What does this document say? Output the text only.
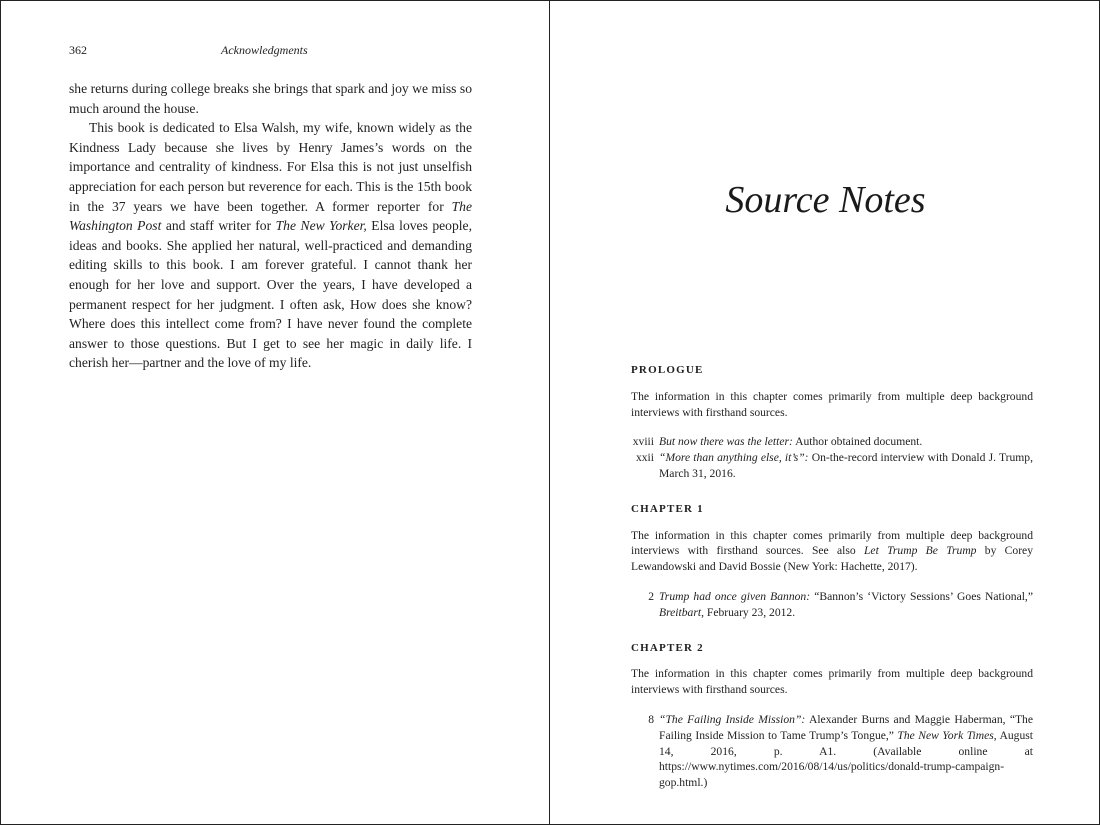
362	Acknowledgments

she returns during college breaks she brings that spark and joy we miss so much around the house.

This book is dedicated to Elsa Walsh, my wife, known widely as the Kindness Lady because she lives by Henry James’s words on the importance and centrality of kindness. For Elsa this is not just unselfish appreciation for each person but reverence for each. This is the 15th book in the 37 years we have been together. A former reporter for The Washington Post and staff writer for The New Yorker, Elsa loves people, ideas and books. She applied her natural, well-practiced and demanding editing skills to this book. I am forever grateful. I cannot thank her enough for her love and support. Over the years, I have developed a permanent respect for her judgment. I often ask, How does she know? Where does this intellect come from? I have never found the complete answer to those questions. But I get to see her magic in daily life. I cherish her—partner and the love of my life.

Source Notes
PROLOGUE

The information in this chapter comes primarily from multiple deep background interviews with firsthand sources.

xviii But now there was the letter: Author obtained document.

xxii “More than anything else, it’s”: On-the-record interview with Donald J. Trump, March 31, 2016.

CHAPTER 1

The information in this chapter comes primarily from multiple deep background interviews with firsthand sources. See also Let Trump Be Trump by Corey Lewandowski and David Bossie (New York: Hachette, 2017).

2 Trump had once given Bannon: “Bannon’s ‘Victory Sessions’ Goes National,” Breitbart, February 23, 2012.

CHAPTER 2

The information in this chapter comes primarily from multiple deep background interviews with firsthand sources.

8 “The Failing Inside Mission”: Alexander Burns and Maggie Haberman, “The Failing Inside Mission to Tame Trump’s Tongue,” The New York Times, August 14, 2016, p. A1. (Available online at https://www.nytimes.com/2016/08/14/us/politics/donald-trump-campaign-gop.html.)
